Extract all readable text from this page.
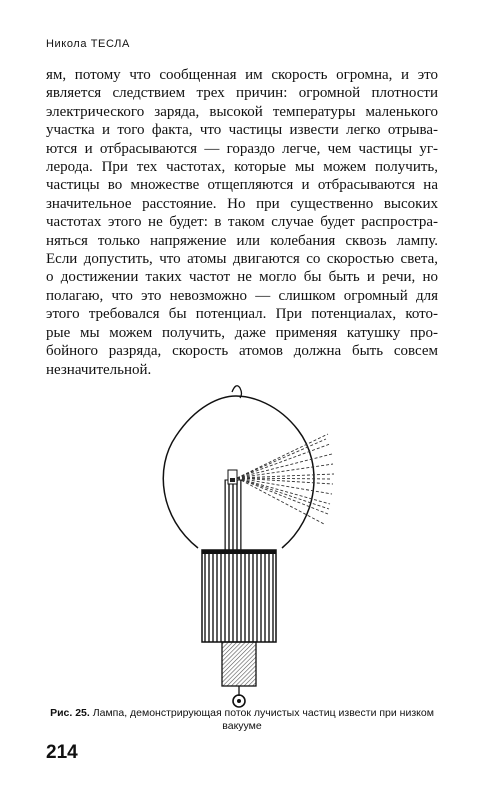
Никола ТЕСЛА
ям, потому что сообщенная им скорость огромна, и это
является следствием трех причин: огромной плотности
электрического заряда, высокой температуры маленького
участка и того факта, что частицы извести легко отрыва-
ются и отбрасываются — гораздо легче, чем частицы уг-
лерода. При тех частотах, которые мы можем получить,
частицы во множестве отщепляются и отбрасываются на
значительное расстояние. Но при существенно высоких
частотах этого не будет: в таком случае будет распростра-
няться только напряжение или колебания сквозь лампу.
Если допустить, что атомы двигаются со скоростью света,
о достижении таких частот не могло бы быть и речи, но
полагаю, что это невозможно — слишком огромный для
этого требовался бы потенциал. При потенциалах, кото-
рые мы можем получить, даже применяя катушку про-
бойного разряда, скорость атомов должна быть совсем
незначительной.
Рис. 25. Лампа, демонстрирующая поток лучистых частиц извести при низком вакууме
214
